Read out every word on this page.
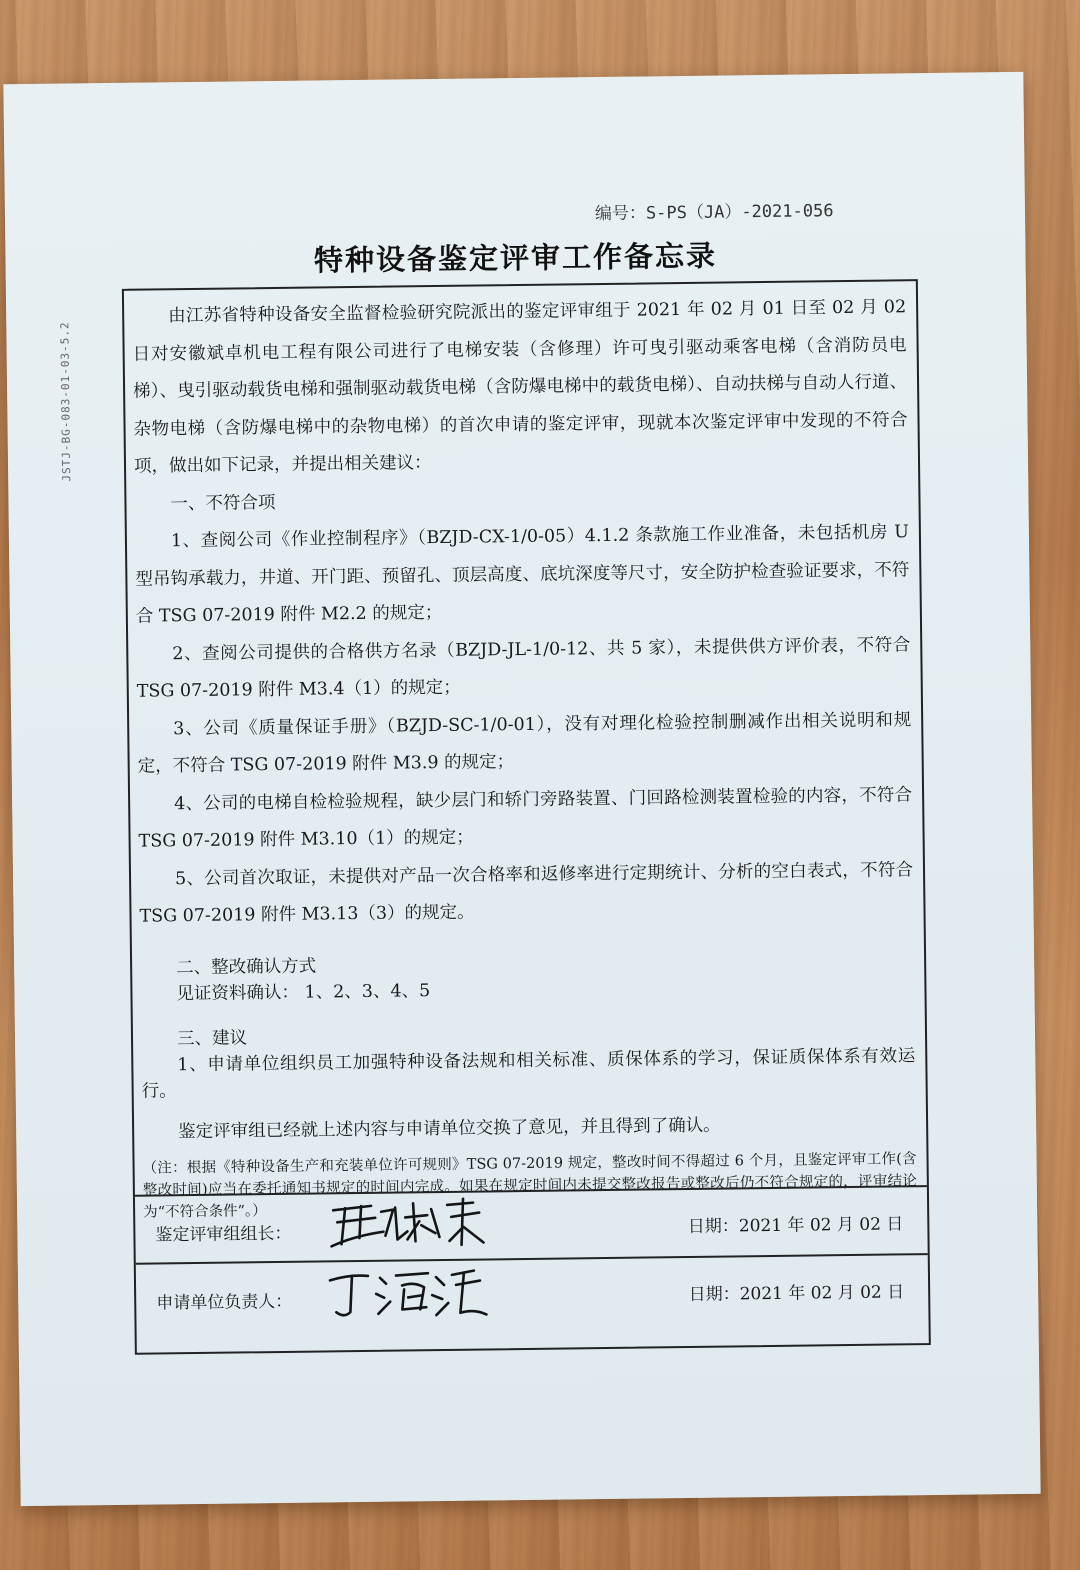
JSTJ-BG-083-01-03-5.2
编号：S-PS（JA）-2021-056
特种设备鉴定评审工作备忘录

由江苏省特种设备安全监督检验研究院派出的鉴定评审组于 2021 年 02 月 01 日至 02 月 02 日对安徽斌卓机电工程有限公司进行了电梯安装（含修理）许可曳引驱动乘客电梯（含消防员电梯）、曳引驱动载货电梯和强制驱动载货电梯（含防爆电梯中的载货电梯）、自动扶梯与自动人行道、杂物电梯（含防爆电梯中的杂物电梯）的首次申请的鉴定评审，现就本次鉴定评审中发现的不符合项，做出如下记录，并提出相关建议：

一、不符合项

1、查阅公司《作业控制程序》（BZJD-CX-1/0-05）4.1.2 条款施工作业准备，未包括机房 U 型吊钩承载力，井道、开门距、预留孔、顶层高度、底坑深度等尺寸，安全防护检查验证要求，不符合 TSG 07-2019 附件 M2.2 的规定；

2、查阅公司提供的合格供方名录（BZJD-JL-1/0-12、共 5 家），未提供供方评价表，不符合 TSG 07-2019 附件 M3.4（1）的规定；

3、公司《质量保证手册》（BZJD-SC-1/0-01），没有对理化检验控制删减作出相关说明和规定，不符合 TSG 07-2019 附件 M3.9 的规定；

4、公司的电梯自检检验规程，缺少层门和轿门旁路装置、门回路检测装置检验的内容，不符合 TSG 07-2019 附件 M3.10（1）的规定；

5、公司首次取证，未提供对产品一次合格率和返修率进行定期统计、分析的空白表式，不符合 TSG 07-2019 附件 M3.13（3）的规定。

二、整改确认方式

见证资料确认： 1、2、3、4、5

三、建议

1、申请单位组织员工加强特种设备法规和相关标准、质保体系的学习，保证质保体系有效运行。

鉴定评审组已经就上述内容与申请单位交换了意见，并且得到了确认。

（注：根据《特种设备生产和充装单位许可规则》TSG 07-2019 规定，整改时间不得超过 6 个月，且鉴定评审工作(含整改时间)应当在委托通知书规定的时间内完成。如果在规定时间内未提交整改报告或整改后仍不符合规定的，评审结论为“不符合条件”。）

鉴定评审组组长：	日期：2021 年 02 月 02 日
申请单位负责人：	日期：2021 年 02 月 02 日
